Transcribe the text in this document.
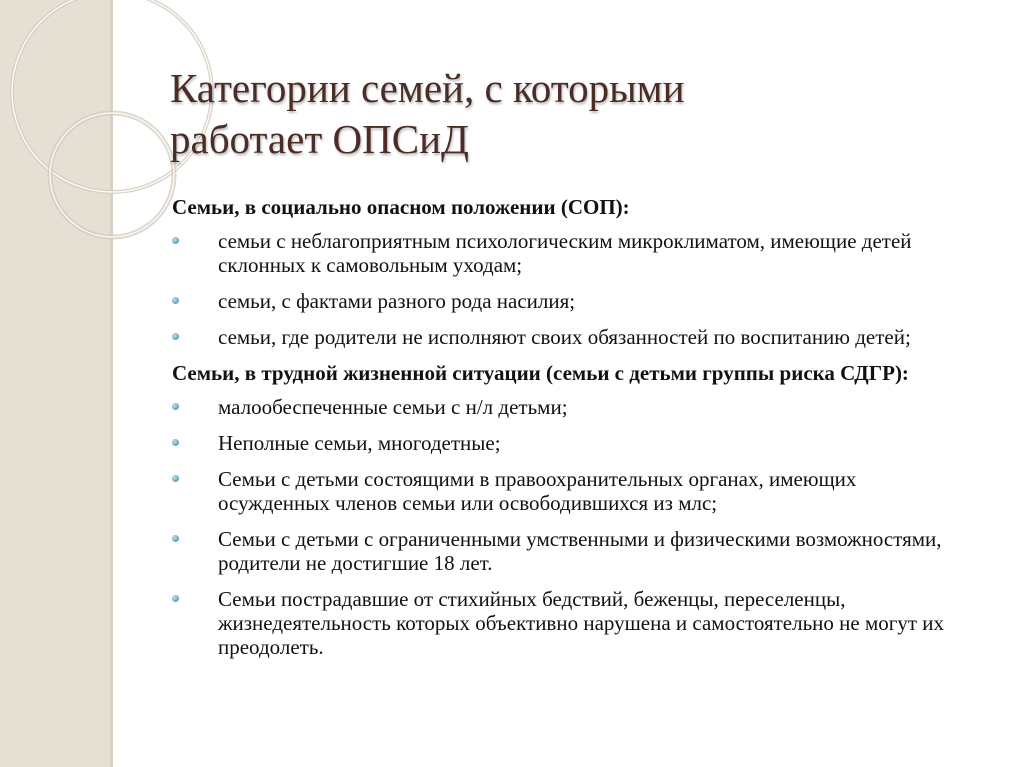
Категории семей, с которыми
работает ОПСиД
Семьи, в социально опасном положении (СОП):
семьи с неблагоприятным психологическим микроклиматом, имеющие детей склонных к самовольным уходам;
семьи, с фактами разного рода насилия;
семьи, где родители не исполняют своих обязанностей по воспитанию детей;
Семьи, в трудной жизненной ситуации (семьи с детьми группы риска СДГР):
малообеспеченные семьи с н/л детьми;
Неполные семьи, многодетные;
Семьи с детьми состоящими в правоохранительных органах, имеющих осужденных членов семьи или освободившихся из млс;
Семьи с детьми с ограниченными умственными и физическими возможностями, родители не достигшие 18 лет.
Семьи пострадавшие от стихийных бедствий, беженцы, переселенцы, жизнедеятельность которых объективно нарушена и самостоятельно не могут их преодолеть.
